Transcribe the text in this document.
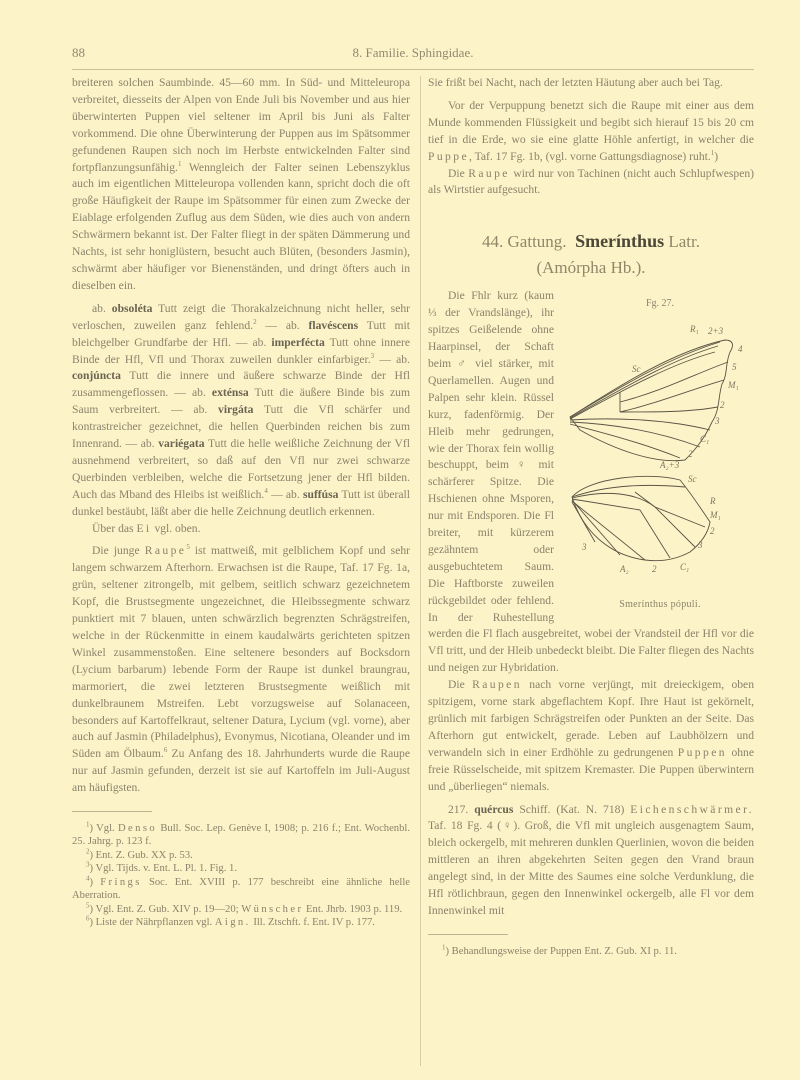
88	8. Familie. Sphingidae.

breiteren solchen Saumbinde. 45—60 mm. In Süd- und Mitteleuropa verbreitet, diesseits der Alpen von Ende Juli bis November und aus hier überwinterten Puppen viel seltener im April bis Juni als Falter vorkommend. Die ohne Überwinterung der Puppen aus im Spätsommer gefundenen Raupen sich noch im Herbste entwickelnden Falter sind fortpflanzungsunfähig.$^1$ Wenngleich der Falter seinen Lebenszyklus auch im eigentlichen Mitteleuropa vollenden kann, spricht doch die oft große Häufigkeit der Raupe im Spätsommer für einen zum Zwecke der Eiablage erfolgenden Zuflug aus dem Süden, wie dies auch von andern Schwärmern bekannt ist. Der Falter fliegt in der späten Dämmerung und Nachts, ist sehr honiglüstern, besucht auch Blüten, (besonders Jasmin), schwärmt aber häufiger vor Bienenständen, und dringt öfters auch in dieselben ein.

ab. obsoléta Tutt zeigt die Thorakalzeichnung nicht heller, sehr verloschen, zuweilen ganz fehlend.$^2$ — ab. flavéscens Tutt mit bleichgelber Grundfarbe der Hfl. — ab. imperfécta Tutt ohne innere Binde der Hfl, Vfl und Thorax zuweilen dunkler einfarbiger.$^3$ — ab. conjúncta Tutt die innere und äußere schwarze Binde der Hfl zusammengeflossen. — ab. exténsa Tutt die äußere Binde bis zum Saum verbreitert. — ab. virgáta Tutt die Vfl schärfer und kontrastreicher gezeichnet, die hellen Querbinden reichen bis zum Innenrand. — ab. variégata Tutt die helle weißliche Zeichnung der Vfl ausnehmend verbreitert, so daß auf den Vfl nur zwei schwarze Querbinden verbleiben, welche die Fortsetzung jener der Hfl bilden. Auch das Mband des Hleibs ist weißlich.$^4$ — ab. suffúsa Tutt ist überall dunkel bestäubt, läßt aber die helle Zeichnung deutlich erkennen.

Über das Ei vgl. oben.

Die junge Raupe$^5$ ist mattweiß, mit gelblichem Kopf und sehr langem schwarzem Afterhorn. Erwachsen ist die Raupe, Taf. 17 Fg. 1a, grün, seltener zitrongelb, mit gelbem, seitlich schwarz gezeichnetem Kopf, die Brustsegmente ungezeichnet, die Hleibssegmente schwarz punktiert mit 7 blauen, unten schwärzlich begrenzten Schrägstreifen, welche in der Rückenmitte in einem kaudalwärts gerichteten spitzen Winkel zusammenstoßen. Eine seltenere besonders auf Bocksdorn (Lycium barbarum) lebende Form der Raupe ist dunkel braungrau, marmoriert, die zwei letzteren Brustsegmente weißlich mit dunkelbraunem Mstreifen. Lebt vorzugsweise auf Solanaceen, besonders auf Kartoffelkraut, seltener Datura, Lycium (vgl. vorne), aber auch auf Jasmin (Philadelphus), Evonymus, Nicotiana, Oleander und im Süden am Ölbaum.$^6$ Zu Anfang des 18. Jahrhunderts wurde die Raupe nur auf Jasmin gefunden, derzeit ist sie auf Kartoffeln im Juli-August am häufigsten.

$^1$) Vgl. Denso Bull. Soc. Lep. Genève I, 1908; p. 216 f.; Ent. Wochenbl. 25. Jahrg. p. 123 f.

$^2$) Ent. Z. Gub. XX p. 53.

$^3$) Vgl. Tijds. v. Ent. L. Pl. 1. Fig. 1.

$^4$) Frings Soc. Ent. XVIII p. 177 beschreibt eine ähnliche helle Aberration.

$^5$) Vgl. Ent. Z. Gub. XIV p. 19—20; Wünscher Ent. Jhrb. 1903 p. 119.

$^6$) Liste der Nährpflanzen vgl. Aign. Ill. Ztschft. f. Ent. IV p. 177.

Sie frißt bei Nacht, nach der letzten Häutung aber auch bei Tag.

Vor der Verpuppung benetzt sich die Raupe mit einer aus dem Munde kommenden Flüssigkeit und begibt sich hierauf 15 bis 20 cm tief in die Erde, wo sie eine glatte Höhle anfertigt, in welcher die Puppe, Taf. 17 Fg. 1b, (vgl. vorne Gattungsdiagnose) ruht.$^1$)

Die Raupe wird nur von Tachinen (nicht auch Schlupfwespen) als Wirtstier aufgesucht.

44. Gattung. Smerínthus Latr.
(Amórpha Hb.).
Fg. 27.
Sc
R₁ 2+3
4
5
M₁
2
3
C₁
2
A₂+3
Sc
R
M₁
2
3
C₁
2
A₂
3
Smerínthus pópuli.

Die Fhlr kurz (kaum ⅓ der Vrandslänge), ihr spitzes Geißelende ohne Haarpinsel, der Schaft beim ♂ viel stärker, mit Querlamellen. Augen und Palpen sehr klein. Rüssel kurz, fadenförmig. Der Hleib mehr gedrungen, wie der Thorax fein wollig beschuppt, beim ♀ mit schärferer Spitze. Die Hschienen ohne Msporen, nur mit Endsporen. Die Fl breiter, mit kürzerem gezähntem oder ausgebuchtetem Saum. Die Haftborste zuweilen rückgebildet oder fehlend. In der Ruhestellung werden die Fl flach ausgebreitet, wobei der Vrandsteil der Hfl vor die Vfl tritt, und der Hleib unbedeckt bleibt. Die Falter fliegen des Nachts und neigen zur Hybridation.

Die Raupen nach vorne verjüngt, mit dreieckigem, oben spitzigem, vorne stark abgeflachtem Kopf. Ihre Haut ist gekörnelt, grünlich mit farbigen Schrägstreifen oder Punkten an der Seite. Das Afterhorn gut entwickelt, gerade. Leben auf Laubhölzern und verwandeln sich in einer Erdhöhle zu gedrungenen Puppen ohne freie Rüsselscheide, mit spitzem Kremaster. Die Puppen überwintern und „überliegen“ niemals.

217. quércus Schiff. (Kat. N. 718) Eichenschwärmer. Taf. 18 Fg. 4 (♀). Groß, die Vfl mit ungleich ausgenagtem Saum, bleich ockergelb, mit mehreren dunklen Querlinien, wovon die beiden mittleren an ihren abgekehrten Seiten gegen den Vrand braun angelegt sind, in der Mitte des Saumes eine solche Verdunklung, die Hfl rötlichbraun, gegen den Innenwinkel ockergelb, alle Fl vor dem Innenwinkel mit

$^1$) Behandlungsweise der Puppen Ent. Z. Gub. XI p. 11.
